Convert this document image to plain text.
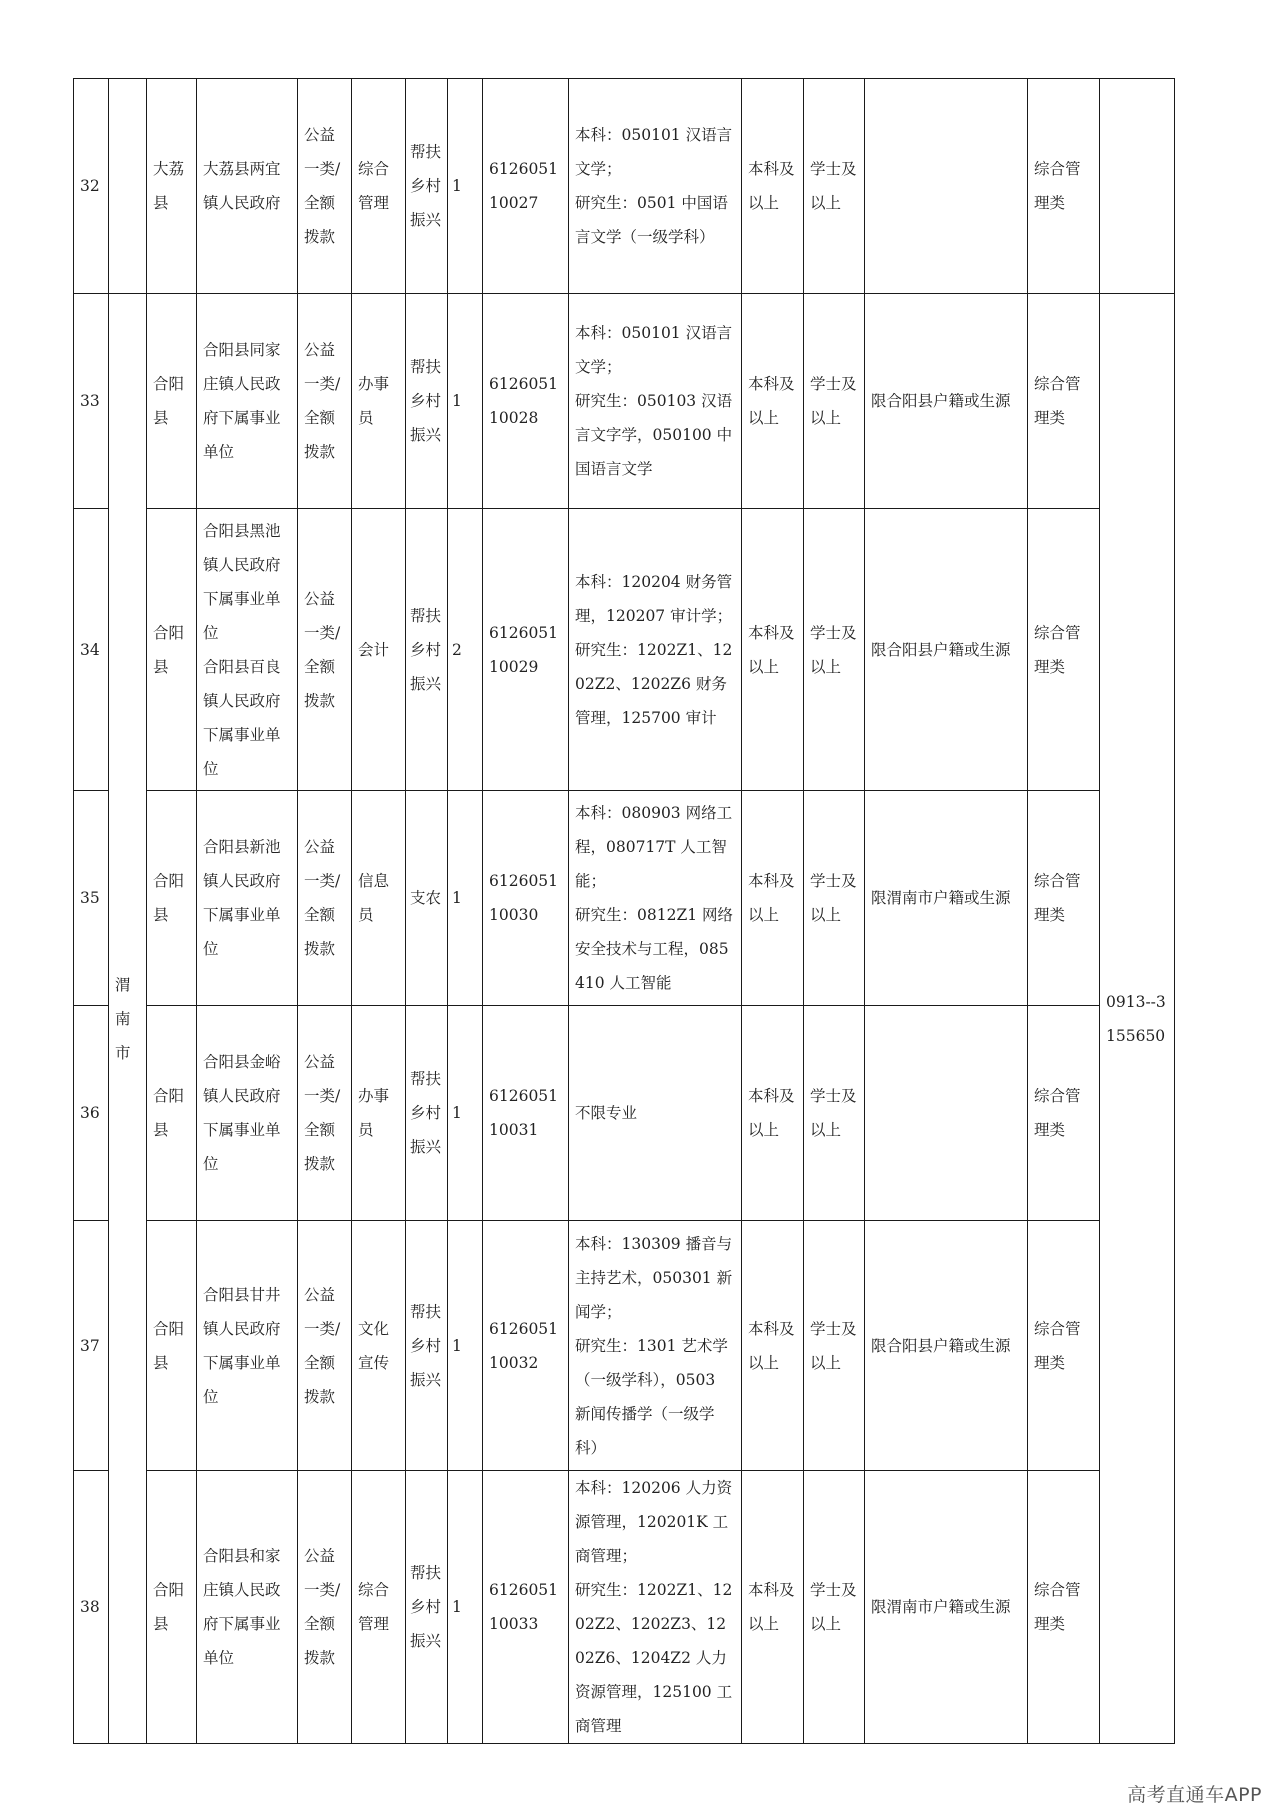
32		大荔县	大荔县两宜镇人民政府	公益一类/全额拨款	综合管理	帮扶乡村振兴	1	612605110027	本科：050101 汉语言文学；
研究生：0501 中国语言文学（一级学科）	本科及以上	学士及以上		综合管理类	
33	渭南市	合阳县	合阳县同家庄镇人民政府下属事业单位	公益一类/全额拨款	办事员	帮扶乡村振兴	1	612605110028	本科：050101 汉语言文学；
研究生：050103 汉语言文字学，050100 中国语言文学	本科及以上	学士及以上	限合阳县户籍或生源	综合管理类	0913--3155650
34		合阳县	合阳县黑池镇人民政府下属事业单位
合阳县百良镇人民政府下属事业单位	公益一类/全额拨款	会计	帮扶乡村振兴	2	612605110029	本科：120204 财务管理，120207 审计学；
研究生：1202Z1、1202Z2、1202Z6 财务管理，125700 审计	本科及以上	学士及以上	限合阳县户籍或生源	综合管理类	
35		合阳县	合阳县新池镇人民政府下属事业单位	公益一类/全额拨款	信息员	支农	1	612605110030	本科：080903 网络工程，080717T 人工智能；
研究生：0812Z1 网络安全技术与工程，085410 人工智能	本科及以上	学士及以上	限渭南市户籍或生源	综合管理类	
36		合阳县	合阳县金峪镇人民政府下属事业单位	公益一类/全额拨款	办事员	帮扶乡村振兴	1	612605110031	不限专业	本科及以上	学士及以上		综合管理类	
37		合阳县	合阳县甘井镇人民政府下属事业单位	公益一类/全额拨款	文化宣传	帮扶乡村振兴	1	612605110032	本科：130309 播音与主持艺术，050301 新闻学；
研究生：1301 艺术学（一级学科），0503 新闻传播学（一级学科）	本科及以上	学士及以上	限合阳县户籍或生源	综合管理类	
38		合阳县	合阳县和家庄镇人民政府下属事业单位	公益一类/全额拨款	综合管理	帮扶乡村振兴	1	612605110033	本科：120206 人力资源管理，120201K 工商管理；
研究生：1202Z1、1202Z2、1202Z3、1202Z6、1204Z2 人力资源管理，125100 工商管理	本科及以上	学士及以上	限渭南市户籍或生源	综合管理类	
高考直通车APP
